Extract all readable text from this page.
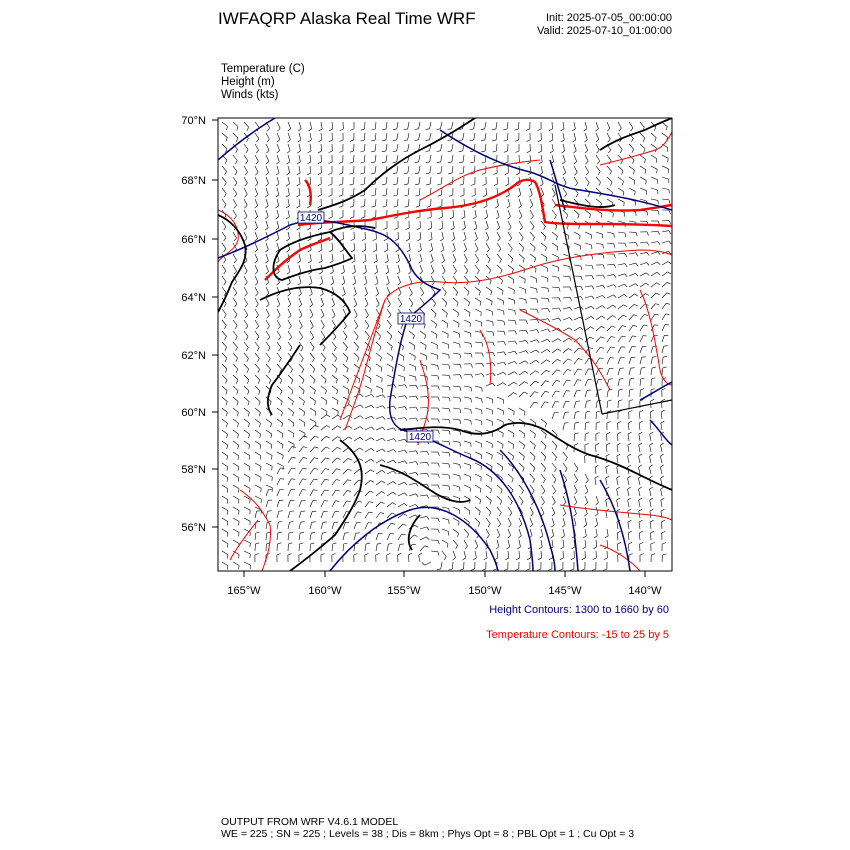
IWFAQRP Alaska Real Time WRF	Init: 2025-07-05_00:00:00
Valid: 2025-07-10_01:00:00
Temperature (C)
Height (m)
Winds (kts)
70°N
68°N
66°N
64°N
62°N
60°N
58°N
56°N
165°W	160°W	155°W	150°W	145°W	140°W
1420
1420
1420
Height Contours: 1300 to 1660 by 60
Temperature Contours: -15 to 25 by 5
OUTPUT FROM WRF V4.6.1 MODEL
WE = 225 ; SN = 225 ; Levels = 38 ; Dis = 8km ; Phys Opt = 8 ; PBL Opt = 1 ; Cu Opt = 3
